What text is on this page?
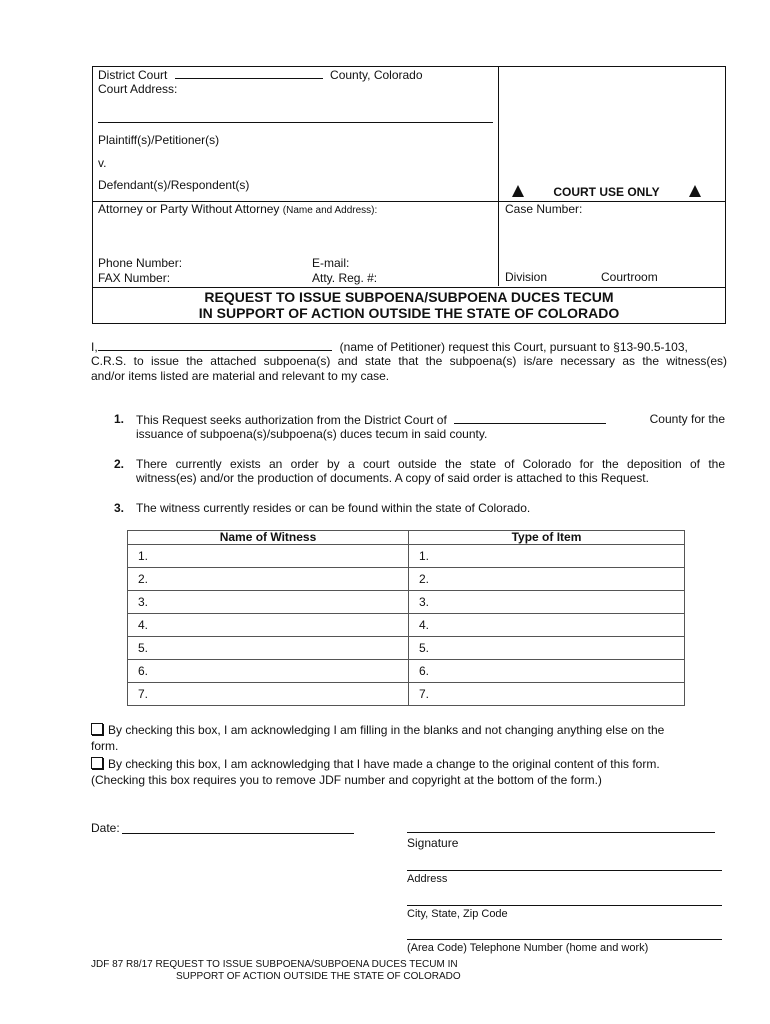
District Court	County, Colorado
Court Address:
Plaintiff(s)/Petitioner(s)
v.
Defendant(s)/Respondent(s)	COURT USE ONLY
Attorney or Party Without Attorney (Name and Address):	Case Number:
Phone Number:
FAX Number:
E-mail:
Atty. Reg. #:	Division	Courtroom
REQUEST TO ISSUE SUBPOENA/SUBPOENA DUCES TECUM
IN SUPPORT OF ACTION OUTSIDE THE STATE OF COLORADO
I,	(name of Petitioner) request this Court, pursuant to §13-90.5-103,
C.R.S. to issue the attached subpoena(s) and state that the subpoena(s) is/are necessary as the witness(es)
and/or items listed are material and relevant to my case.
1. This Request seeks authorization from the District Court of	County for the
issuance of subpoena(s)/subpoena(s) duces tecum in said county.
2. There currently exists an order by a court outside the state of Colorado for the deposition of the
witness(es) and/or the production of documents. A copy of said order is attached to this Request.
3. The witness currently resides or can be found within the state of Colorado.
Name of Witness	Type of Item
1.	1.
2.	2.
3.	3.
4.	4.
5.	5.
6.	6.
7.	7.
By checking this box, I am acknowledging I am filling in the blanks and not changing anything else on the
form.
By checking this box, I am acknowledging that I have made a change to the original content of this form.
(Checking this box requires you to remove JDF number and copyright at the bottom of the form.)
Date:
Signature
Address
City, State, Zip Code
(Area Code) Telephone Number (home and work)
JDF 87 R8/17 REQUEST TO ISSUE SUBPOENA/SUBPOENA DUCES TECUM IN
SUPPORT OF ACTION OUTSIDE THE STATE OF COLORADO
